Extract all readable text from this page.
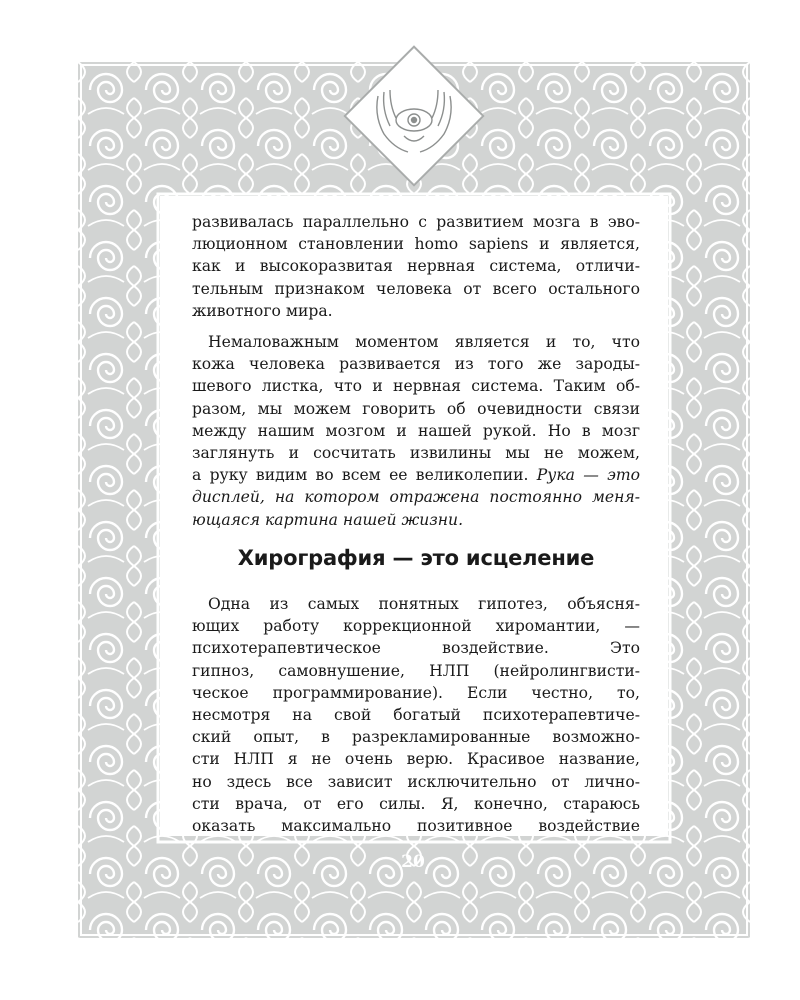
развивалась параллельно с развитием мозга в эво-
люционном становлении homo sapiens и является,
как и высокоразвитая нервная система, отличи-
тельным признаком человека от всего остального
животного мира.

Немаловажным моментом является и то, что
кожа человека развивается из того же зароды-
шевого листка, что и нервная система. Таким об-
разом, мы можем говорить об очевидности связи
между нашим мозгом и нашей рукой. Но в мозг
заглянуть и сосчитать извилины мы не можем,
а руку видим во всем ее великолепии. Рука — это
дисплей, на котором отражена постоянно меня-
ющаяся картина нашей жизни.

Хирография — это исцеление

Одна из самых понятных гипотез, объясня-
ющих работу коррекционной хиромантии, —
психотерапевтическое воздействие. Это
гипноз, самовнушение, НЛП (нейролингвисти-
ческое программирование). Если честно, то,
несмотря на свой богатый психотерапевтиче-
ский опыт, в разрекламированные возможно-
сти НЛП я не очень верю. Красивое название,
но здесь все зависит исключительно от лично-
сти врача, от его силы. Я, конечно, стараюсь
оказать максимально позитивное воздействие

20
